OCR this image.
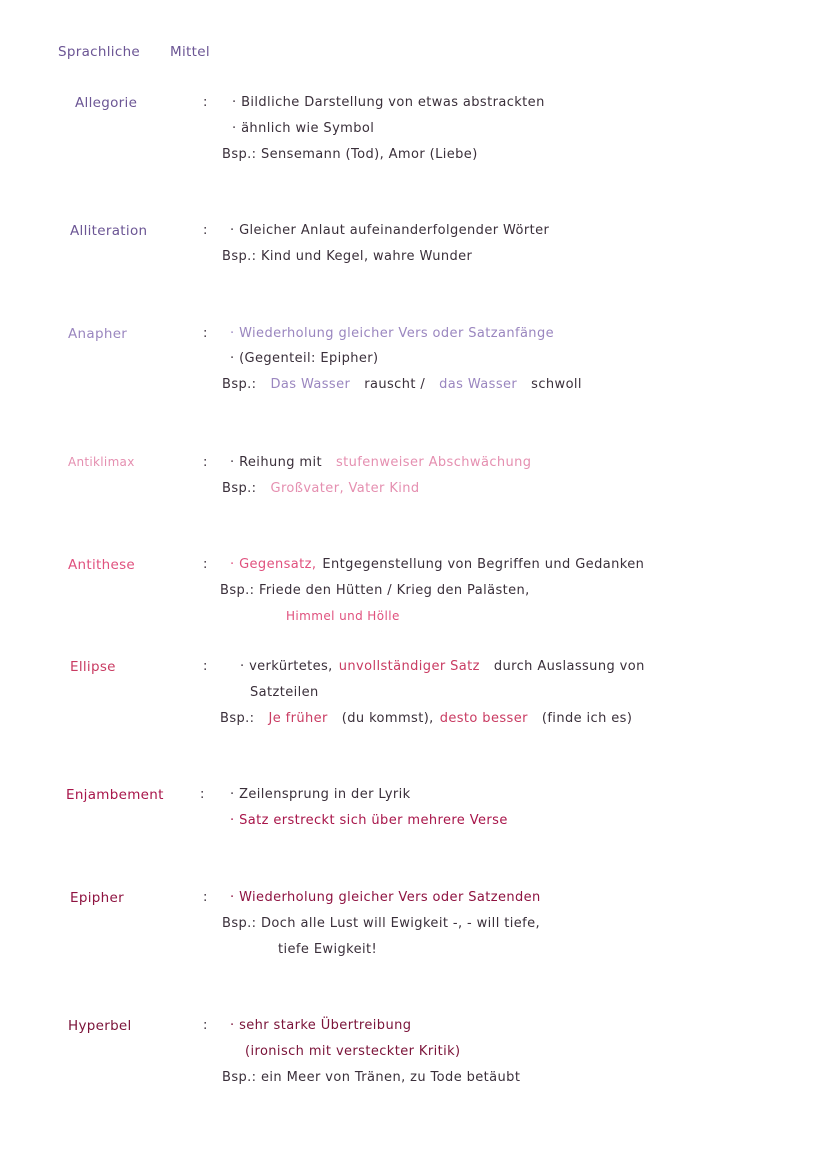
Sprachliche Mittel
Allegorie	: · Bildliche Darstellung von etwas abstrackten
· ähnlich wie Symbol
Bsp.: Sensemann (Tod), Amor (Liebe)
Alliteration	: · Gleicher Anlaut aufeinanderfolgender Wörter
Bsp.: Kind und Kegel, wahre Wunder
Anapher	: · Wiederholung gleicher Vers oder Satzanfänge
· (Gegenteil: Epipher)
Bsp.: Das Wasser rauscht / das Wasser schwoll
Antiklimax	: · Reihung mit stufenweiser Abschwächung
Bsp.: Großvater, Vater Kind
Antithese	: · Gegensatz, Entgegenstellung von Begriffen und Gedanken
Bsp.: Friede den Hütten / Krieg den Palästen,
Himmel und Hölle
Ellipse	: · verkürtetes, unvollständiger Satz durch Auslassung von
Satzteilen
Bsp.: Je früher (du kommst), desto besser (finde ich es)
Enjambement	: · Zeilensprung in der Lyrik
· Satz erstreckt sich über mehrere Verse
Epipher	: · Wiederholung gleicher Vers oder Satzenden
Bsp.: Doch alle Lust will Ewigkeit -, - will tiefe,
tiefe Ewigkeit!
Hyperbel	: · sehr starke Übertreibung
(ironisch mit versteckter Kritik)
Bsp.: ein Meer von Tränen, zu Tode betäubt
